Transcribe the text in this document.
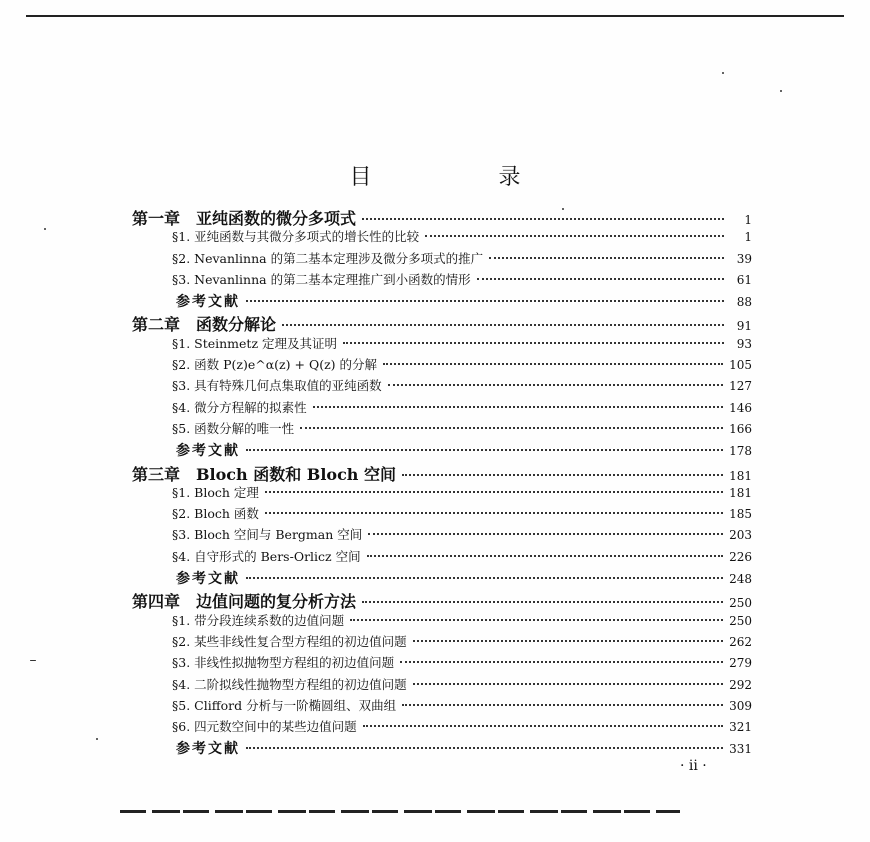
目 录
第一章　亚纯函数的微分多项式	1
§1. 亚纯函数与其微分多项式的增长性的比较	1
§2. Nevanlinna 的第二基本定理涉及微分多项式的推广	39
§3. Nevanlinna 的第二基本定理推广到小函数的情形	61
参考文献	88
第二章　函数分解论	91
§1. Steinmetz 定理及其证明	93
§2. 函数 P(z)e^α(z) + Q(z) 的分解	105
§3. 具有特殊几何点集取值的亚纯函数	127
§4. 微分方程解的拟素性	146
§5. 函数分解的唯一性	166
参考文献	178
第三章　Bloch 函数和 Bloch 空间	181
§1. Bloch 定理	181
§2. Bloch 函数	185
§3. Bloch 空间与 Bergman 空间	203
§4. 自守形式的 Bers-Orlicz 空间	226
参考文献	248
第四章　边值问题的复分析方法	250
§1. 带分段连续系数的边值问题	250
§2. 某些非线性复合型方程组的初边值问题	262
§3. 非线性拟抛物型方程组的初边值问题	279
§4. 二阶拟线性抛物型方程组的初边值问题	292
§5. Clifford 分析与一阶椭圆组、双曲组	309
§6. 四元数空间中的某些边值问题	321
参考文献	331
· ii ·
